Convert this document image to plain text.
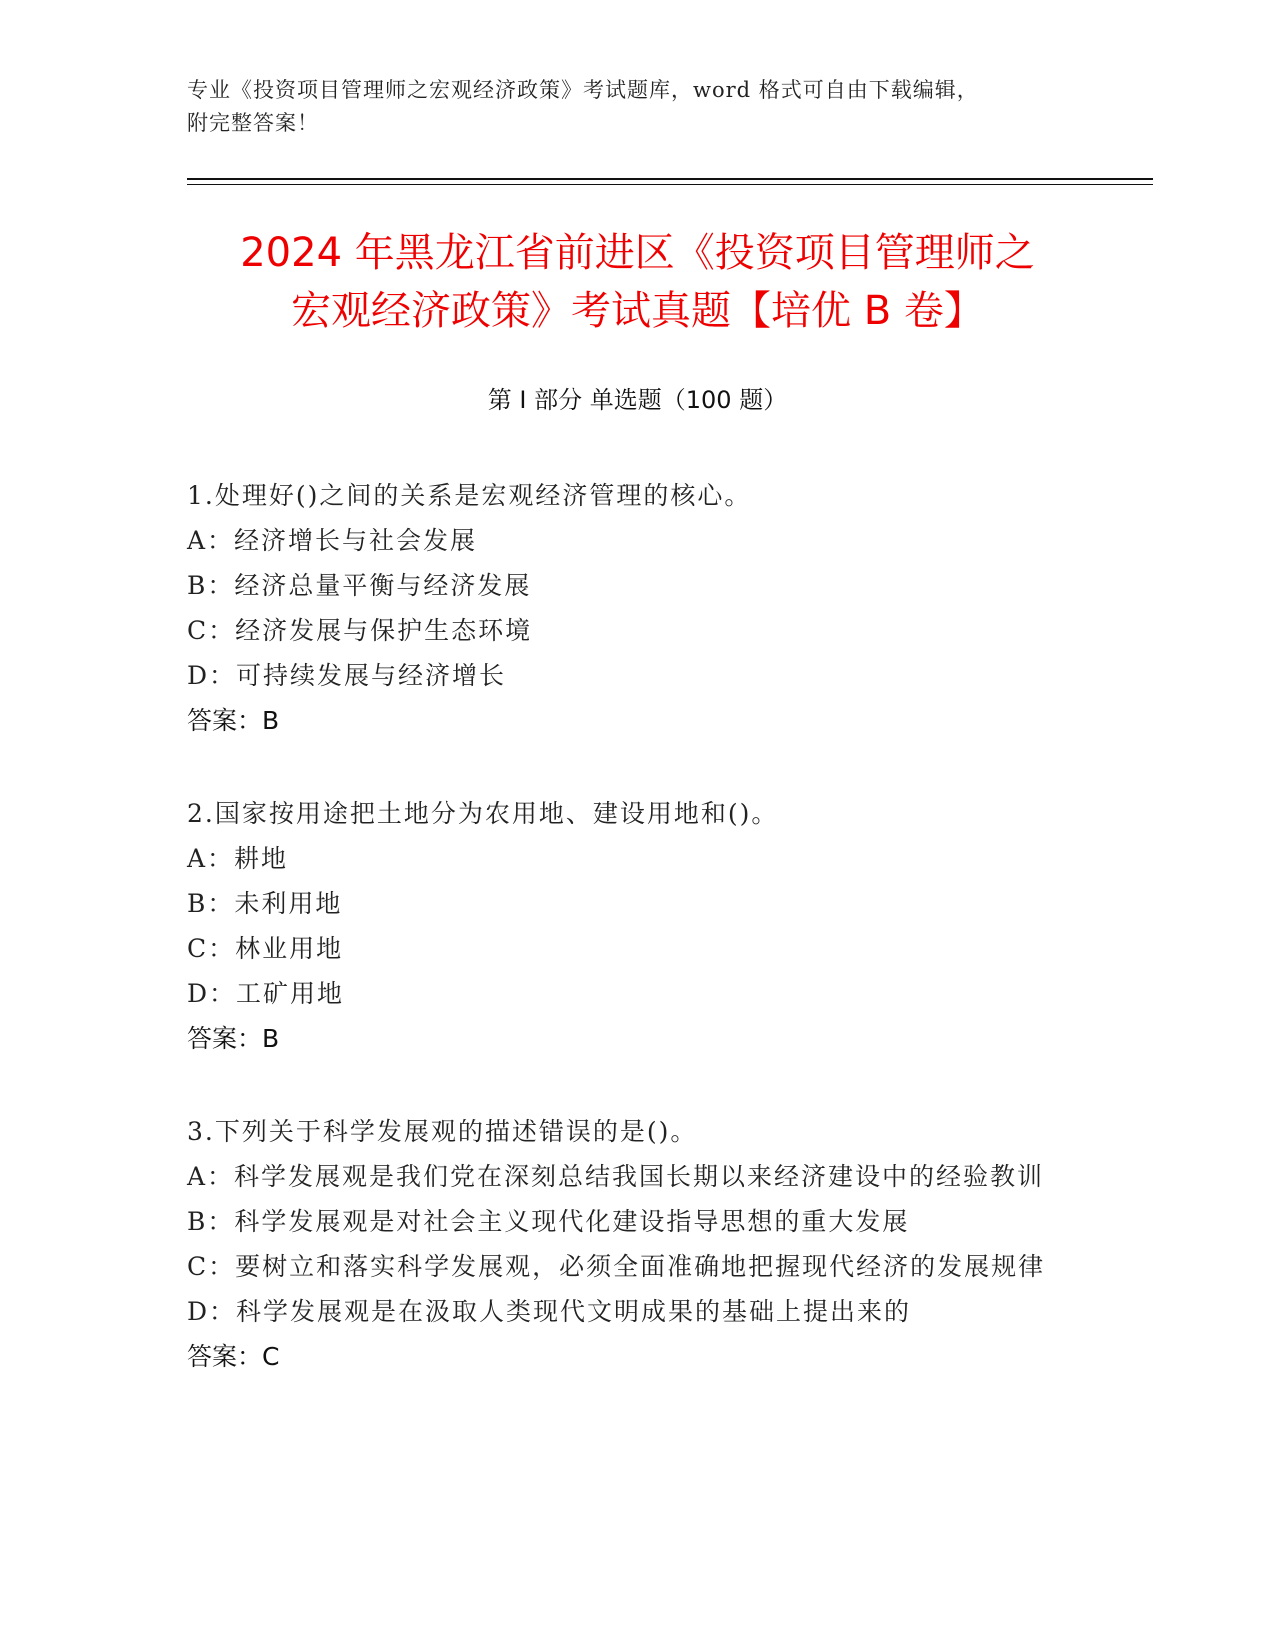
专业《投资项目管理师之宏观经济政策》考试题库，word 格式可自由下载编辑，
附完整答案！
2024 年黑龙江省前进区《投资项目管理师之
宏观经济政策》考试真题【培优 B 卷】
第 I 部分 单选题（100 题）

1.处理好()之间的关系是宏观经济管理的核心。

A：经济增长与社会发展

B：经济总量平衡与经济发展

C：经济发展与保护生态环境

D：可持续发展与经济增长

答案：B

2.国家按用途把土地分为农用地、建设用地和()。

A：耕地

B：未利用地

C：林业用地

D：工矿用地

答案：B

3.下列关于科学发展观的描述错误的是()。

A：科学发展观是我们党在深刻总结我国长期以来经济建设中的经验教训

B：科学发展观是对社会主义现代化建设指导思想的重大发展

C：要树立和落实科学发展观，必须全面准确地把握现代经济的发展规律

D：科学发展观是在汲取人类现代文明成果的基础上提出来的

答案：C
